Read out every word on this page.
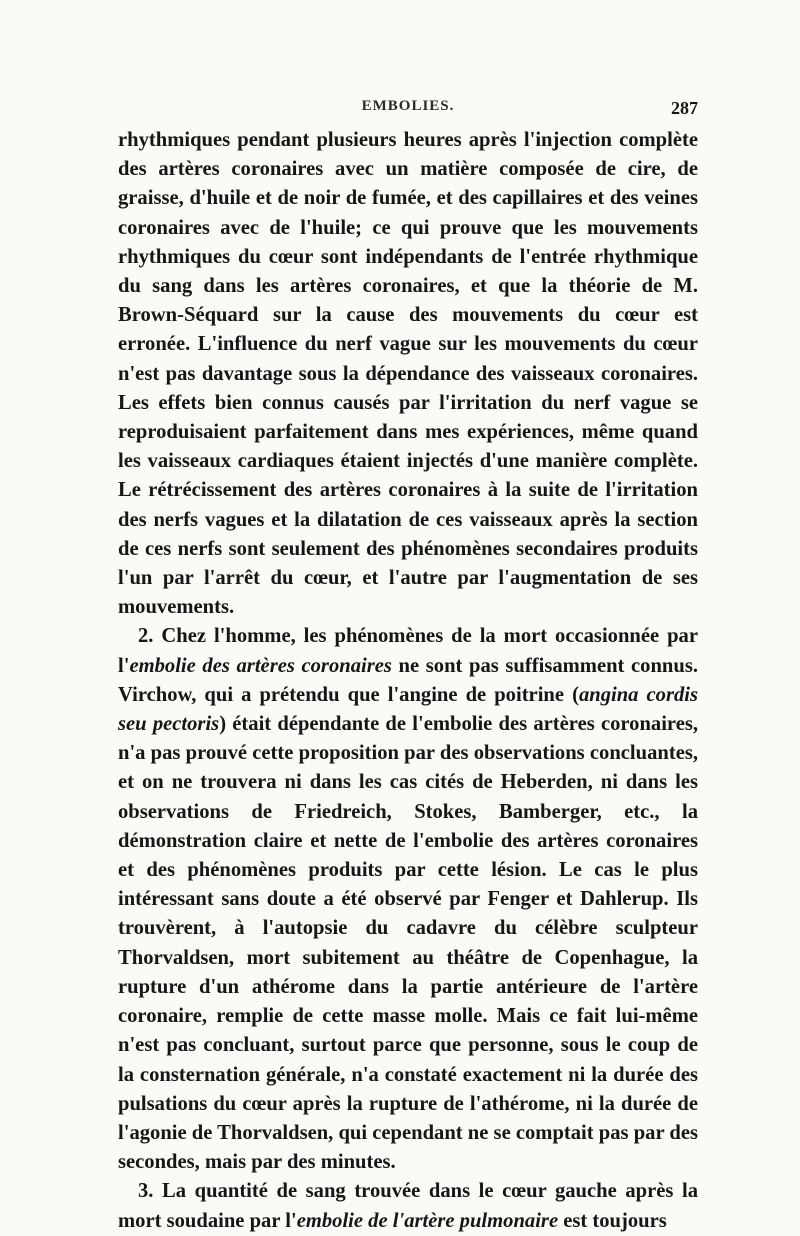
EMBOLIES.	287

rhythmiques pendant plusieurs heures après l'injection complète des artères coronaires avec un matière composée de cire, de graisse, d'huile et de noir de fumée, et des capillaires et des veines coronaires avec de l'huile; ce qui prouve que les mouvements rhythmiques du cœur sont indépendants de l'entrée rhythmique du sang dans les artères coronaires, et que la théorie de M. Brown-Séquard sur la cause des mouvements du cœur est erronée. L'influence du nerf vague sur les mouvements du cœur n'est pas davantage sous la dépendance des vaisseaux coronaires. Les effets bien connus causés par l'irritation du nerf vague se reproduisaient parfaitement dans mes expériences, même quand les vaisseaux cardiaques étaient injectés d'une manière complète. Le rétrécissement des artères coronaires à la suite de l'irritation des nerfs vagues et la dilatation de ces vaisseaux après la section de ces nerfs sont seulement des phénomènes secondaires produits l'un par l'arrêt du cœur, et l'autre par l'augmentation de ses mouvements.

2. Chez l'homme, les phénomènes de la mort occasionnée par l'embolie des artères coronaires ne sont pas suffisamment connus. Virchow, qui a prétendu que l'angine de poitrine (angina cordis seu pectoris) était dépendante de l'embolie des artères coronaires, n'a pas prouvé cette proposition par des observations concluantes, et on ne trouvera ni dans les cas cités de Heberden, ni dans les observations de Friedreich, Stokes, Bamberger, etc., la démonstration claire et nette de l'embolie des artères coronaires et des phénomènes produits par cette lésion. Le cas le plus intéressant sans doute a été observé par Fenger et Dahlerup. Ils trouvèrent, à l'autopsie du cadavre du célèbre sculpteur Thorvaldsen, mort subitement au théâtre de Copenhague, la rupture d'un athérome dans la partie antérieure de l'artère coronaire, remplie de cette masse molle. Mais ce fait lui-même n'est pas concluant, surtout parce que personne, sous le coup de la consternation générale, n'a constaté exactement ni la durée des pulsations du cœur après la rupture de l'athérome, ni la durée de l'agonie de Thorvaldsen, qui cependant ne se comptait pas par des secondes, mais par des minutes.

3. La quantité de sang trouvée dans le cœur gauche après la mort soudaine par l'embolie de l'artère pulmonaire est toujours
